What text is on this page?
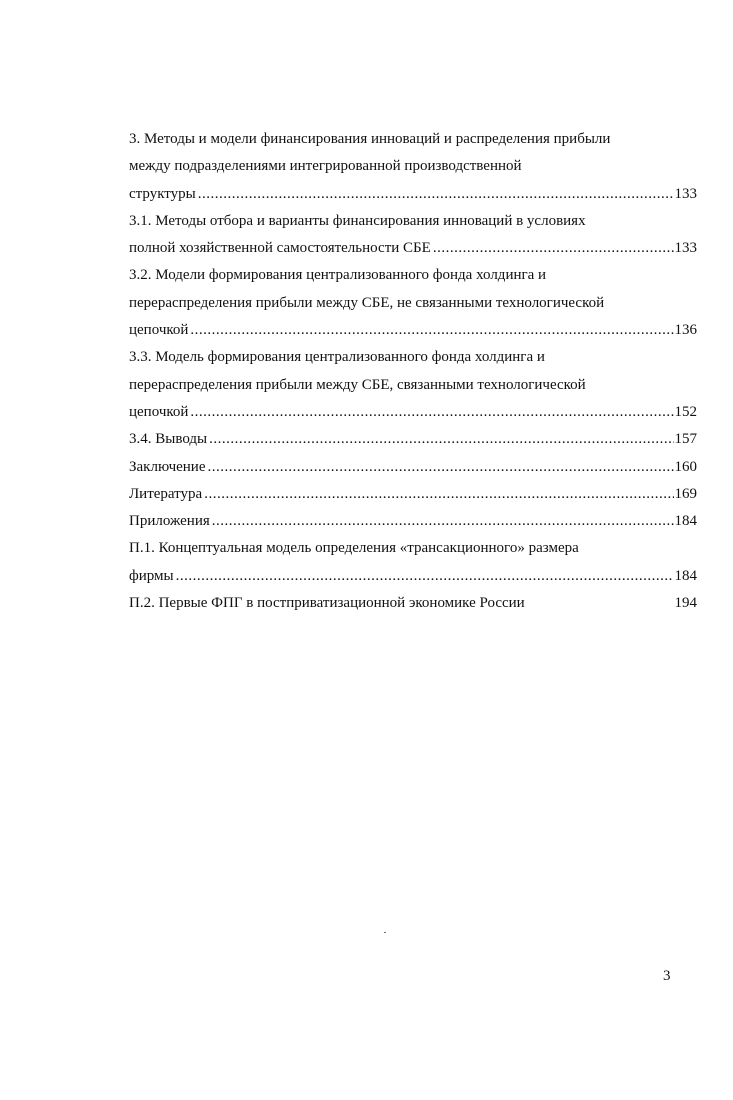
3. Методы и модели финансирования инноваций и распределения прибыли
между подразделениями интегрированной производственной
структуры .....	133
3.1. Методы отбора и варианты финансирования инноваций в условиях
полной хозяйственной самостоятельности СБЕ .....	133
3.2. Модели формирования централизованного фонда холдинга и
перераспределения прибыли между СБЕ, не связанными технологической
цепочкой .....	136
3.3. Модель формирования централизованного фонда холдинга и
перераспределения прибыли между СБЕ, связанными технологической
цепочкой .....	152
3.4. Выводы .....	157
Заключение .....	160
Литература .....	169
Приложения .....	184
П.1. Концептуальная модель определения «трансакционного» размера
фирмы .....	184
П.2. Первые ФПГ в постприватизационной экономике России	194
3
